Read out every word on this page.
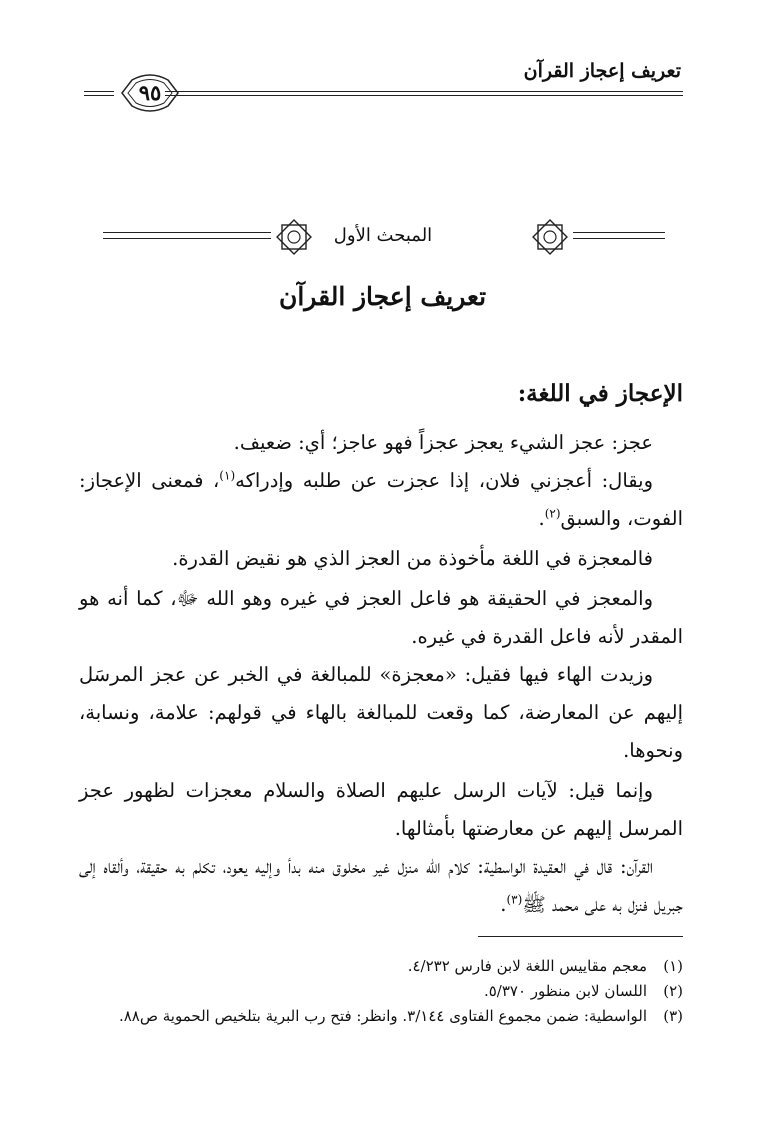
تعريف إعجاز القرآن
٩٥
المبحث الأول
تعريف إعجاز القرآن
الإعجاز في اللغة:
عجز: عجز الشيء يعجز عجزاً فهو عاجز؛ أي: ضعيف.
ويقال: أعجزني فلان، إذا عجزت عن طلبه وإدراكه$^{(١)}$، فمعنى الإعجاز: الفوت، والسبق$^{(٢)}$.
فالمعجزة في اللغة مأخوذة من العجز الذي هو نقيض القدرة.
والمعجز في الحقيقة هو فاعل العجز في غيره وهو الله ﷻ، كما أنه هو المقدر لأنه فاعل القدرة في غيره.
وزيدت الهاء فيها فقيل: «معجزة» للمبالغة في الخبر عن عجز المرسَل إليهم عن المعارضة، كما وقعت للمبالغة بالهاء في قولهم: علامة، ونسابة، ونحوها.
وإنما قيل: لآيات الرسل عليهم الصلاة والسلام معجزات لظهور عجز المرسل إليهم عن معارضتها بأمثالها.
القرآن: قال في العقيدة الواسطية: كلام الله منزل غير مخلوق منه بدأ وإليه يعود، تكلم به حقيقة، وألقاه إلى جبريل فنزل به على محمد ﷺ$^{(٣)}$.
(١)معجم مقاييس اللغة لابن فارس ٤/٢٣٢.
(٢)اللسان لابن منظور ٥/٣٧٠.
(٣)الواسطية: ضمن مجموع الفتاوى ٣/١٤٤. وانظر: فتح رب البرية بتلخيص الحموية ص٨٨.
